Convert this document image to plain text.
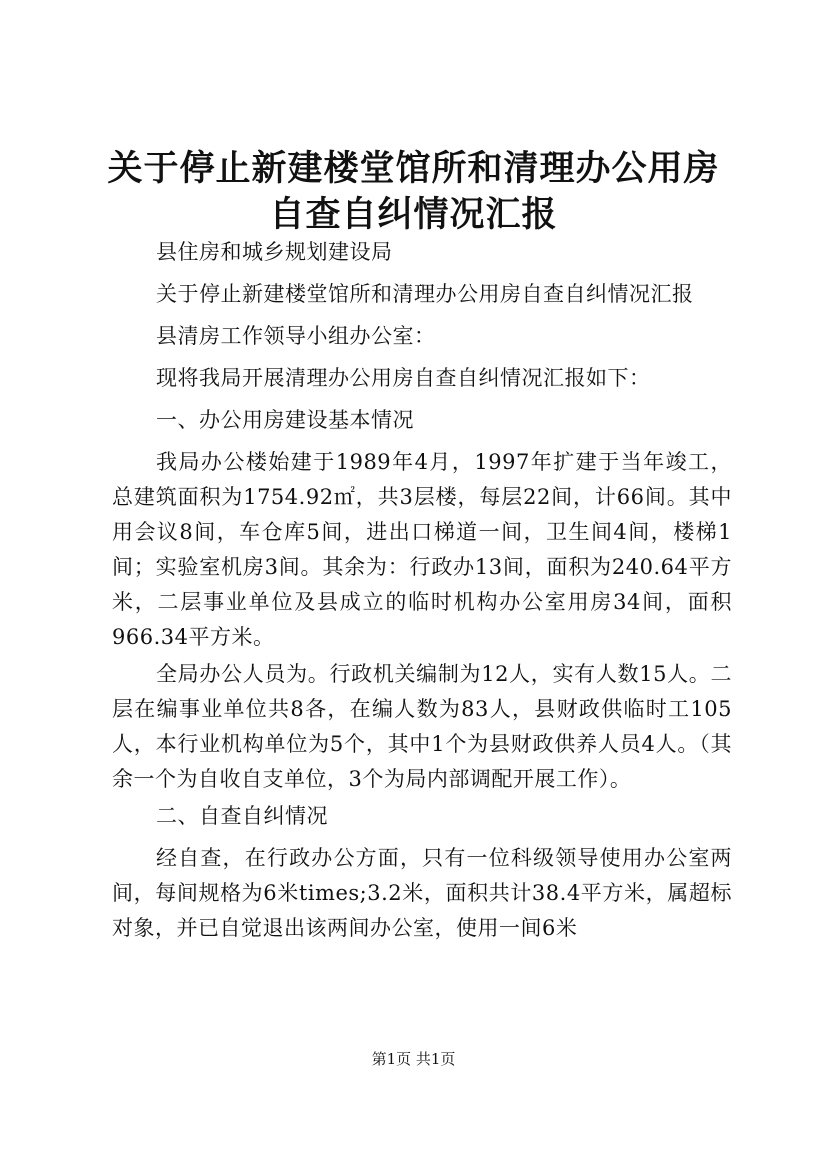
关于停止新建楼堂馆所和清理办公用房自查自纠情况汇报

县住房和城乡规划建设局

关于停止新建楼堂馆所和清理办公用房自查自纠情况汇报

县清房工作领导小组办公室：

现将我局开展清理办公用房自查自纠情况汇报如下：

一、办公用房建设基本情况

我局办公楼始建于1989年4月，1997年扩建于当年竣工，总建筑面积为1754.92㎡，共3层楼，每层22间，计66间。其中用会议8间，车仓库5间，进出口梯道一间，卫生间4间，楼梯1间；实验室机房3间。其余为：行政办13间，面积为240.64平方米，二层事业单位及县成立的临时机构办公室用房34间，面积966.34平方米。

全局办公人员为。行政机关编制为12人，实有人数15人。二层在编事业单位共8各，在编人数为83人，县财政供临时工105人，本行业机构单位为5个，其中1个为县财政供养人员4人。（其余一个为自收自支单位，3个为局内部调配开展工作）。

二、自查自纠情况

经自查，在行政办公方面，只有一位科级领导使用办公室两间，每间规格为6米times;3.2米，面积共计38.4平方米，属超标对象，并已自觉退出该两间办公室，使用一间6米

第1页 共1页
